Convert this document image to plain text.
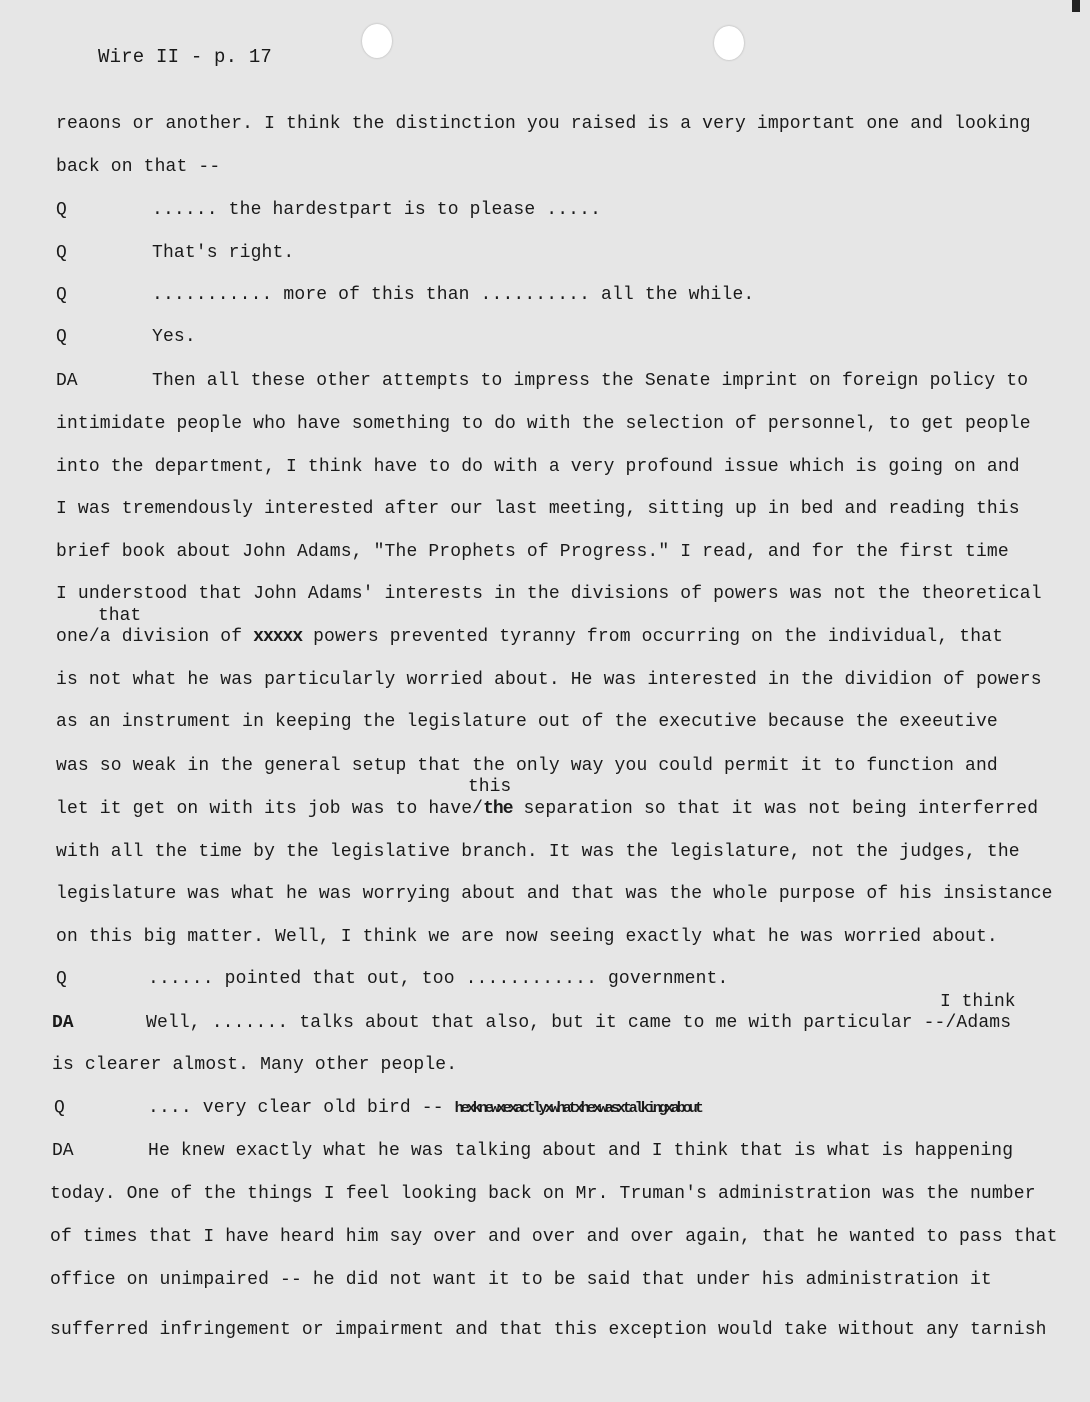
Wire II - p. 17
reaons or another. I think the distinction you raised is a very important one and looking
back on that --
Q	...... the hardestpart is to please .....
Q	That's right.
Q	........... more of this than .......... all the while.
Q	Yes.
DA	Then all these other attempts to impress the Senate imprint on foreign policy to
intimidate people who have something to do with the selection of personnel, to get people
into the department, I think have to do with a very profound issue which is going on and
I was tremendously interested after our last meeting, sitting up in bed and reading this
brief book about John Adams, "The Prophets of Progress." I read, and for the first time
I understood that John Adams' interests in the divisions of powers was not the theoretical
that
one/a division of xxxxx powers prevented tyranny from occurring on the individual, that
is not what he was particularly worried about. He was interested in the dividion of powers
as an instrument in keeping the legislature out of the executive because the exeeutive
was so weak in the general setup that the only way you could permit it to function and
this
let it get on with its job was to have/the separation so that it was not being interferred
with all the time by the legislative branch. It was the legislature, not the judges, the
legislature was what he was worrying about and that was the whole purpose of his insistance
on this big matter. Well, I think we are now seeing exactly what he was worried about.
Q	...... pointed that out, too ............ government.
I think
DA	Well, ....... talks about that also, but it came to me with particular --/Adams
is clearer almost. Many other people.
Q	.... very clear old bird -- hexknewxexactlyxwhatxhexwasxtalkingxabout
DA	He knew exactly what he was talking about and I think that is what is happening
today. One of the things I feel looking back on Mr. Truman's administration was the number
of times that I have heard him say over and over and over again, that he wanted to pass that
office on unimpaired -- he did not want it to be said that under his administration it
sufferred infringement or impairment and that this exception would take without any tarnish
